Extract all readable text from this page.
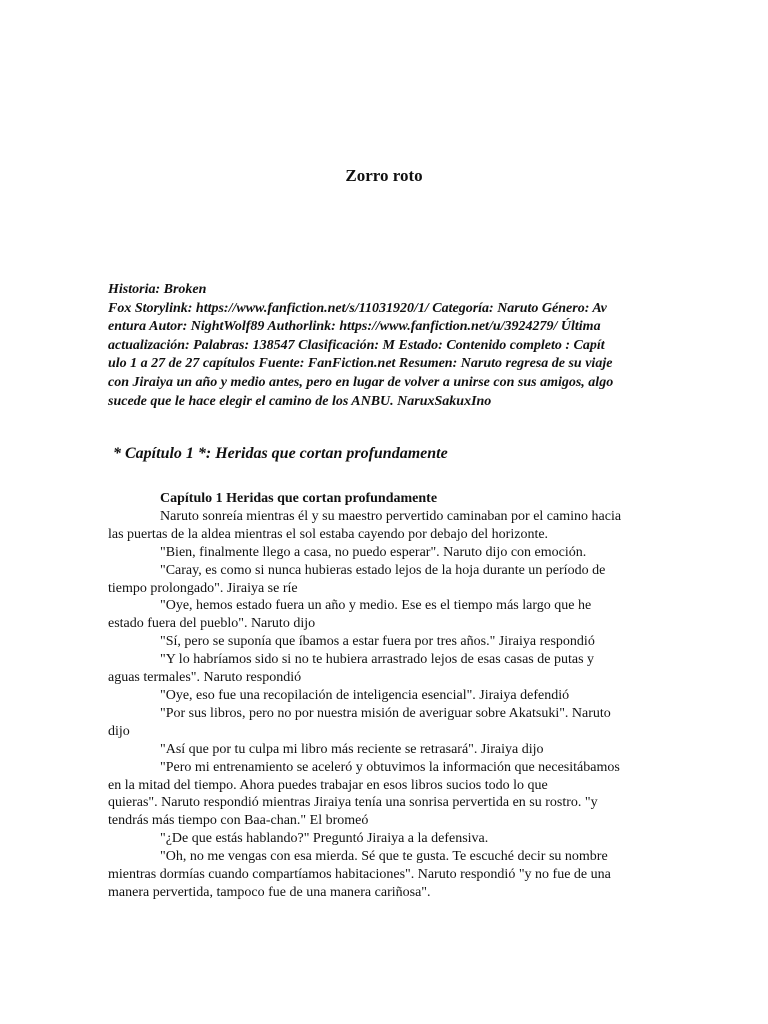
Zorro roto
Historia: Broken
Fox Storylink: https://www.fanfiction.net/s/11031920/1/ Categoría: Naruto Género: Av
entura Autor: NightWolf89 Authorlink: https://www.fanfiction.net/u/3924279/ Última
actualización: Palabras: 138547 Clasificación: M Estado: Contenido completo : Capít
ulo 1 a 27 de 27 capítulos Fuente: FanFiction.net Resumen: Naruto regresa de su viaje
con Jiraiya un año y medio antes, pero en lugar de volver a unirse con sus amigos, algo
sucede que le hace elegir el camino de los ANBU. NaruxSakuxIno
* Capítulo 1 *: Heridas que cortan profundamente
Capítulo 1 Heridas que cortan profundamente
Naruto sonreía mientras él y su maestro pervertido caminaban por el camino hacia
las puertas de la aldea mientras el sol estaba cayendo por debajo del horizonte.
"Bien, finalmente llego a casa, no puedo esperar". Naruto dijo con emoción.
"Caray, es como si nunca hubieras estado lejos de la hoja durante un período de
tiempo prolongado". Jiraiya se ríe
"Oye, hemos estado fuera un año y medio. Ese es el tiempo más largo que he
estado fuera del pueblo". Naruto dijo
"Sí, pero se suponía que íbamos a estar fuera por tres años." Jiraiya respondió
"Y lo habríamos sido si no te hubiera arrastrado lejos de esas casas de putas y
aguas termales". Naruto respondió
"Oye, eso fue una recopilación de inteligencia esencial". Jiraiya defendió
"Por sus libros, pero no por nuestra misión de averiguar sobre Akatsuki". Naruto
dijo
"Así que por tu culpa mi libro más reciente se retrasará". Jiraiya dijo
"Pero mi entrenamiento se aceleró y obtuvimos la información que necesitábamos
en la mitad del tiempo. Ahora puedes trabajar en esos libros sucios todo lo que
quieras". Naruto respondió mientras Jiraiya tenía una sonrisa pervertida en su rostro. "y
tendrás más tiempo con Baa-chan." El bromeó
"¿De que estás hablando?" Preguntó Jiraiya a la defensiva.
"Oh, no me vengas con esa mierda. Sé que te gusta. Te escuché decir su nombre
mientras dormías cuando compartíamos habitaciones". Naruto respondió "y no fue de una
manera pervertida, tampoco fue de una manera cariñosa".
